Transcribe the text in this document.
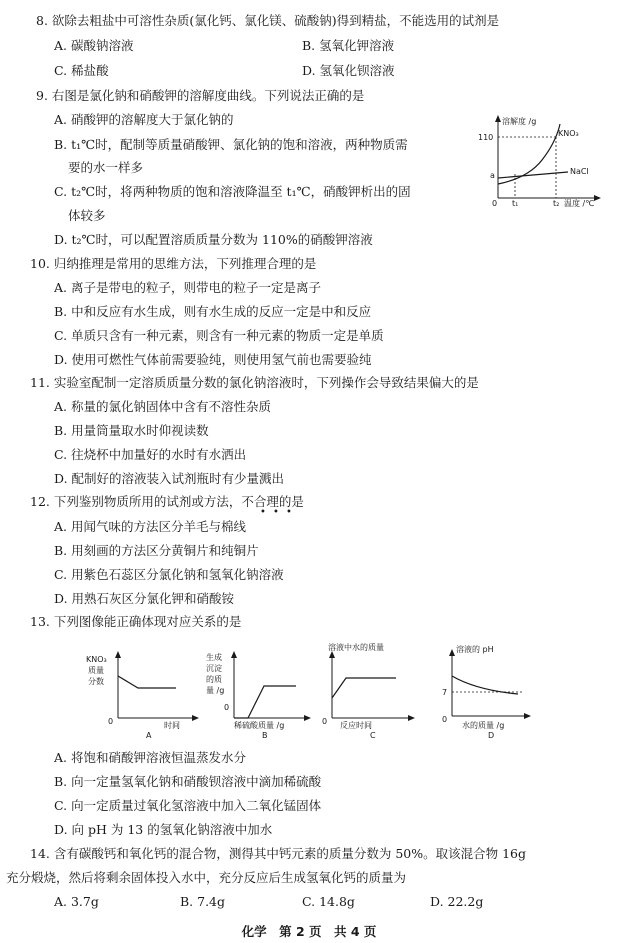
8. 欲除去粗盐中可溶性杂质(氯化钙、氯化镁、硫酸钠)得到精盐，不能选用的试剂是
A. 碳酸钠溶液	B. 氢氧化钾溶液
C. 稀盐酸	D. 氢氧化钡溶液
9. 右图是氯化钠和硝酸钾的溶解度曲线。下列说法正确的是
A. 硝酸钾的溶解度大于氯化钠的
B. t₁℃时，配制等质量硝酸钾、氯化钠的饱和溶液，两种物质需
要的水一样多
C. t₂℃时，将两种物质的饱和溶液降温至 t₁℃，硝酸钾析出的固
体较多
D. t₂℃时，可以配置溶质质量分数为 110%的硝酸钾溶液
溶解度 /g
110	KNO₃
NaCl
a
0 t₁	t₂ 温度 /℃
10. 归纳推理是常用的思维方法，下列推理合理的是
A. 离子是带电的粒子，则带电的粒子一定是离子
B. 中和反应有水生成，则有水生成的反应一定是中和反应
C. 单质只含有一种元素，则含有一种元素的物质一定是单质
D. 使用可燃性气体前需要验纯，则使用氢气前也需要验纯
11. 实验室配制一定溶质质量分数的氯化钠溶液时，下列操作会导致结果偏大的是
A. 称量的氯化钠固体中含有不溶性杂质
B. 用量筒量取水时仰视读数
C. 往烧杯中加量好的水时有水洒出
D. 配制好的溶液装入试剂瓶时有少量溅出
12. 下列鉴别物质所用的试剂或方法，不合理的是
• • •
A. 用闻气味的方法区分羊毛与棉线
B. 用刻画的方法区分黄铜片和纯铜片
C. 用紫色石蕊区分氯化钠和氢氧化钠溶液
D. 用熟石灰区分氯化钾和硝酸铵
13. 下列图像能正确体现对应关系的是
KNO₃
质量
分数
0	时间
A
生成
沉淀
的质
量 /g
0
稀硫酸质量 /g
B
溶液中水的质量
0 反应时间
C
溶液的 pH
7
0
水的质量 /g
D
A. 将饱和硝酸钾溶液恒温蒸发水分
B. 向一定量氢氧化钠和硝酸钡溶液中滴加稀硫酸
C. 向一定质量过氧化氢溶液中加入二氧化锰固体
D. 向 pH 为 13 的氢氧化钠溶液中加水
14. 含有碳酸钙和氧化钙的混合物，测得其中钙元素的质量分数为 50%。取该混合物 16g
充分煅烧，然后将剩余固体投入水中，充分反应后生成氢氧化钙的质量为
A. 3.7g	B. 7.4g	C. 14.8g	D. 22.2g
化学　第 2 页　共 4 页
